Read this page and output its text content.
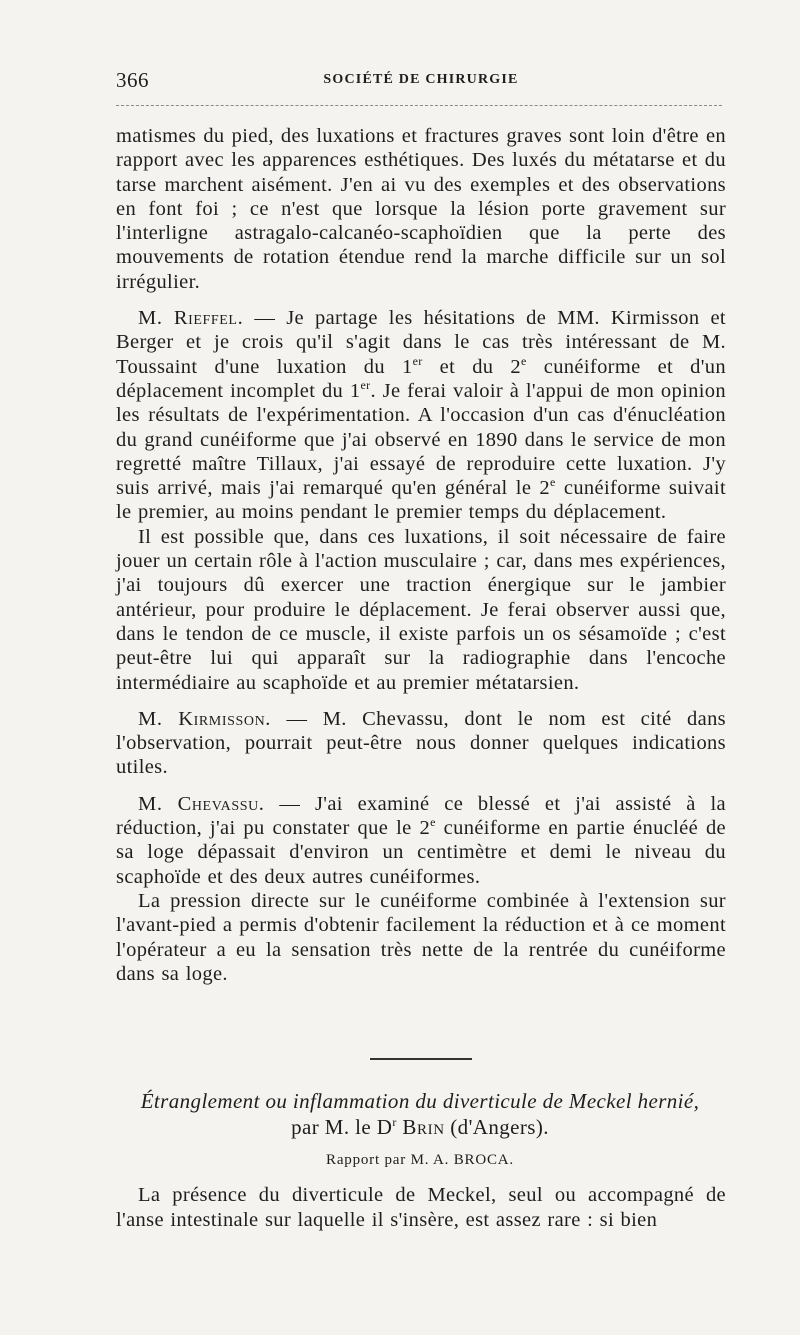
366	SOCIÉTÉ DE CHIRURGIE

matismes du pied, des luxations et fractures graves sont loin d'être en rapport avec les apparences esthétiques. Des luxés du métatarse et du tarse marchent aisément. J'en ai vu des exemples et des observations en font foi ; ce n'est que lorsque la lésion porte gravement sur l'interligne astragalo-calcanéo-scaphoïdien que la perte des mouvements de rotation étendue rend la marche difficile sur un sol irrégulier.

M. Rieffel. — Je partage les hésitations de MM. Kirmisson et Berger et je crois qu'il s'agit dans le cas très intéressant de M. Toussaint d'une luxation du 1er et du 2e cunéiforme et d'un déplacement incomplet du 1er. Je ferai valoir à l'appui de mon opinion les résultats de l'expérimentation. A l'occasion d'un cas d'énucléation du grand cunéiforme que j'ai observé en 1890 dans le service de mon regretté maître Tillaux, j'ai essayé de reproduire cette luxation. J'y suis arrivé, mais j'ai remarqué qu'en général le 2e cunéiforme suivait le premier, au moins pendant le premier temps du déplacement.

Il est possible que, dans ces luxations, il soit nécessaire de faire jouer un certain rôle à l'action musculaire ; car, dans mes expériences, j'ai toujours dû exercer une traction énergique sur le jambier antérieur, pour produire le déplacement. Je ferai observer aussi que, dans le tendon de ce muscle, il existe parfois un os sésamoïde ; c'est peut-être lui qui apparaît sur la radiographie dans l'encoche intermédiaire au scaphoïde et au premier métatarsien.

M. Kirmisson. — M. Chevassu, dont le nom est cité dans l'observation, pourrait peut-être nous donner quelques indications utiles.

M. Chevassu. — J'ai examiné ce blessé et j'ai assisté à la réduction, j'ai pu constater que le 2e cunéiforme en partie énucléé de sa loge dépassait d'environ un centimètre et demi le niveau du scaphoïde et des deux autres cunéiformes.

La pression directe sur le cunéiforme combinée à l'extension sur l'avant-pied a permis d'obtenir facilement la réduction et à ce moment l'opérateur a eu la sensation très nette de la rentrée du cunéiforme dans sa loge.

Étranglement ou inflammation du diverticule de Meckel hernié,
par M. le $D^r$ Brin (d'Angers).
Rapport par M. A. BROCA.

La présence du diverticule de Meckel, seul ou accompagné de l'anse intestinale sur laquelle il s'insère, est assez rare : si bien
